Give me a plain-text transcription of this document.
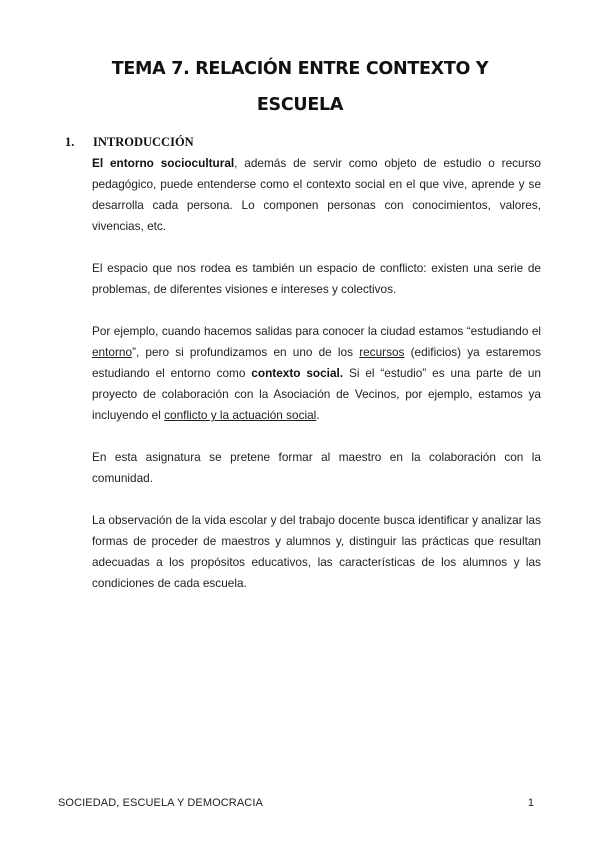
TEMA 7. RELACIÓN ENTRE CONTEXTO Y
ESCUELA
1. INTRODUCCIÓN

El entorno sociocultural, además de servir como objeto de estudio o recurso pedagógico, puede entenderse como el contexto social en el que vive, aprende y se desarrolla cada persona. Lo componen personas con conocimientos, valores, vivencias, etc.

El espacio que nos rodea es también un espacio de conflicto: existen una serie de problemas, de diferentes visiones e intereses y colectivos.

Por ejemplo, cuando hacemos salidas para conocer la ciudad estamos “estudiando el entorno”, pero si profundizamos en uno de los recursos (edificios) ya estaremos estudiando el entorno como contexto social. Si el “estudio” es una parte de un proyecto de colaboración con la Asociación de Vecinos, por ejemplo, estamos ya incluyendo el conflicto y la actuación social.

En esta asignatura se pretene formar al maestro en la colaboración con la comunidad.

La observación de la vida escolar y del trabajo docente busca identificar y analizar las formas de proceder de maestros y alumnos y, distinguir las prácticas que resultan adecuadas a los propósitos educativos, las características de los alumnos y las condiciones de cada escuela.

SOCIEDAD, ESCUELA Y DEMOCRACIA	1
